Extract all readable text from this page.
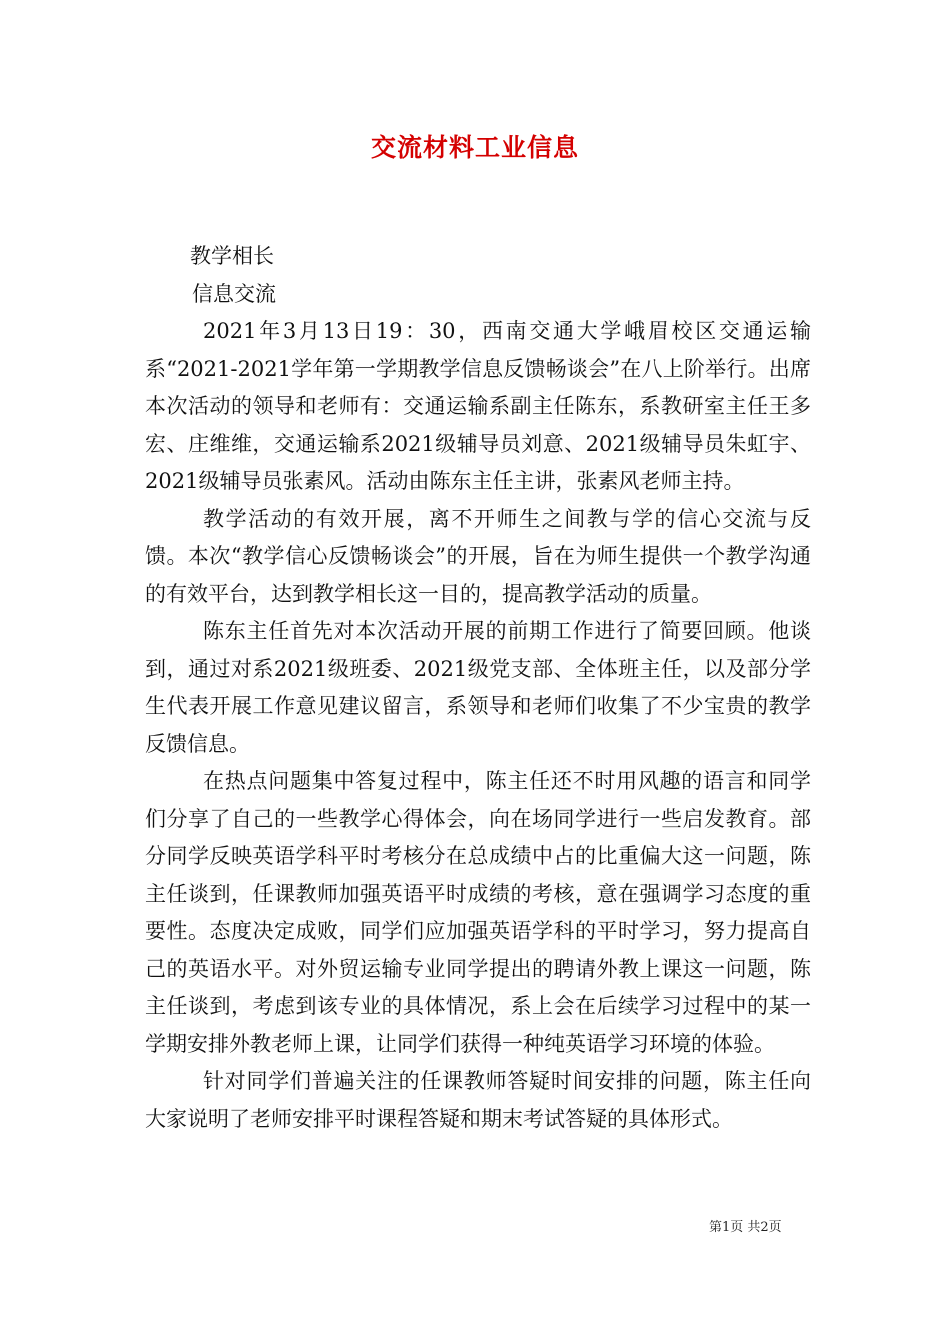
交流材料工业信息

教学相长

信息交流

2021年3月13日19：30，西南交通大学峨眉校区交通运输系“2021-2021学年第一学期教学信息反馈畅谈会”在八上阶举行。出席本次活动的领导和老师有：交通运输系副主任陈东，系教研室主任王多宏、庄维维，交通运输系2021级辅导员刘意、2021级辅导员朱虹宇、2021级辅导员张素风。活动由陈东主任主讲，张素风老师主持。

教学活动的有效开展，离不开师生之间教与学的信心交流与反馈。本次“教学信心反馈畅谈会”的开展，旨在为师生提供一个教学沟通的有效平台，达到教学相长这一目的，提高教学活动的质量。

陈东主任首先对本次活动开展的前期工作进行了简要回顾。他谈到，通过对系2021级班委、2021级党支部、全体班主任，以及部分学生代表开展工作意见建议留言，系领导和老师们收集了不少宝贵的教学反馈信息。

在热点问题集中答复过程中，陈主任还不时用风趣的语言和同学们分享了自己的一些教学心得体会，向在场同学进行一些启发教育。部分同学反映英语学科平时考核分在总成绩中占的比重偏大这一问题，陈主任谈到，任课教师加强英语平时成绩的考核，意在强调学习态度的重要性。态度决定成败，同学们应加强英语学科的平时学习，努力提高自己的英语水平。对外贸运输专业同学提出的聘请外教上课这一问题，陈主任谈到，考虑到该专业的具体情况，系上会在后续学习过程中的某一学期安排外教老师上课，让同学们获得一种纯英语学习环境的体验。

针对同学们普遍关注的任课教师答疑时间安排的问题，陈主任向大家说明了老师安排平时课程答疑和期末考试答疑的具体形式。

第1页 共2页
